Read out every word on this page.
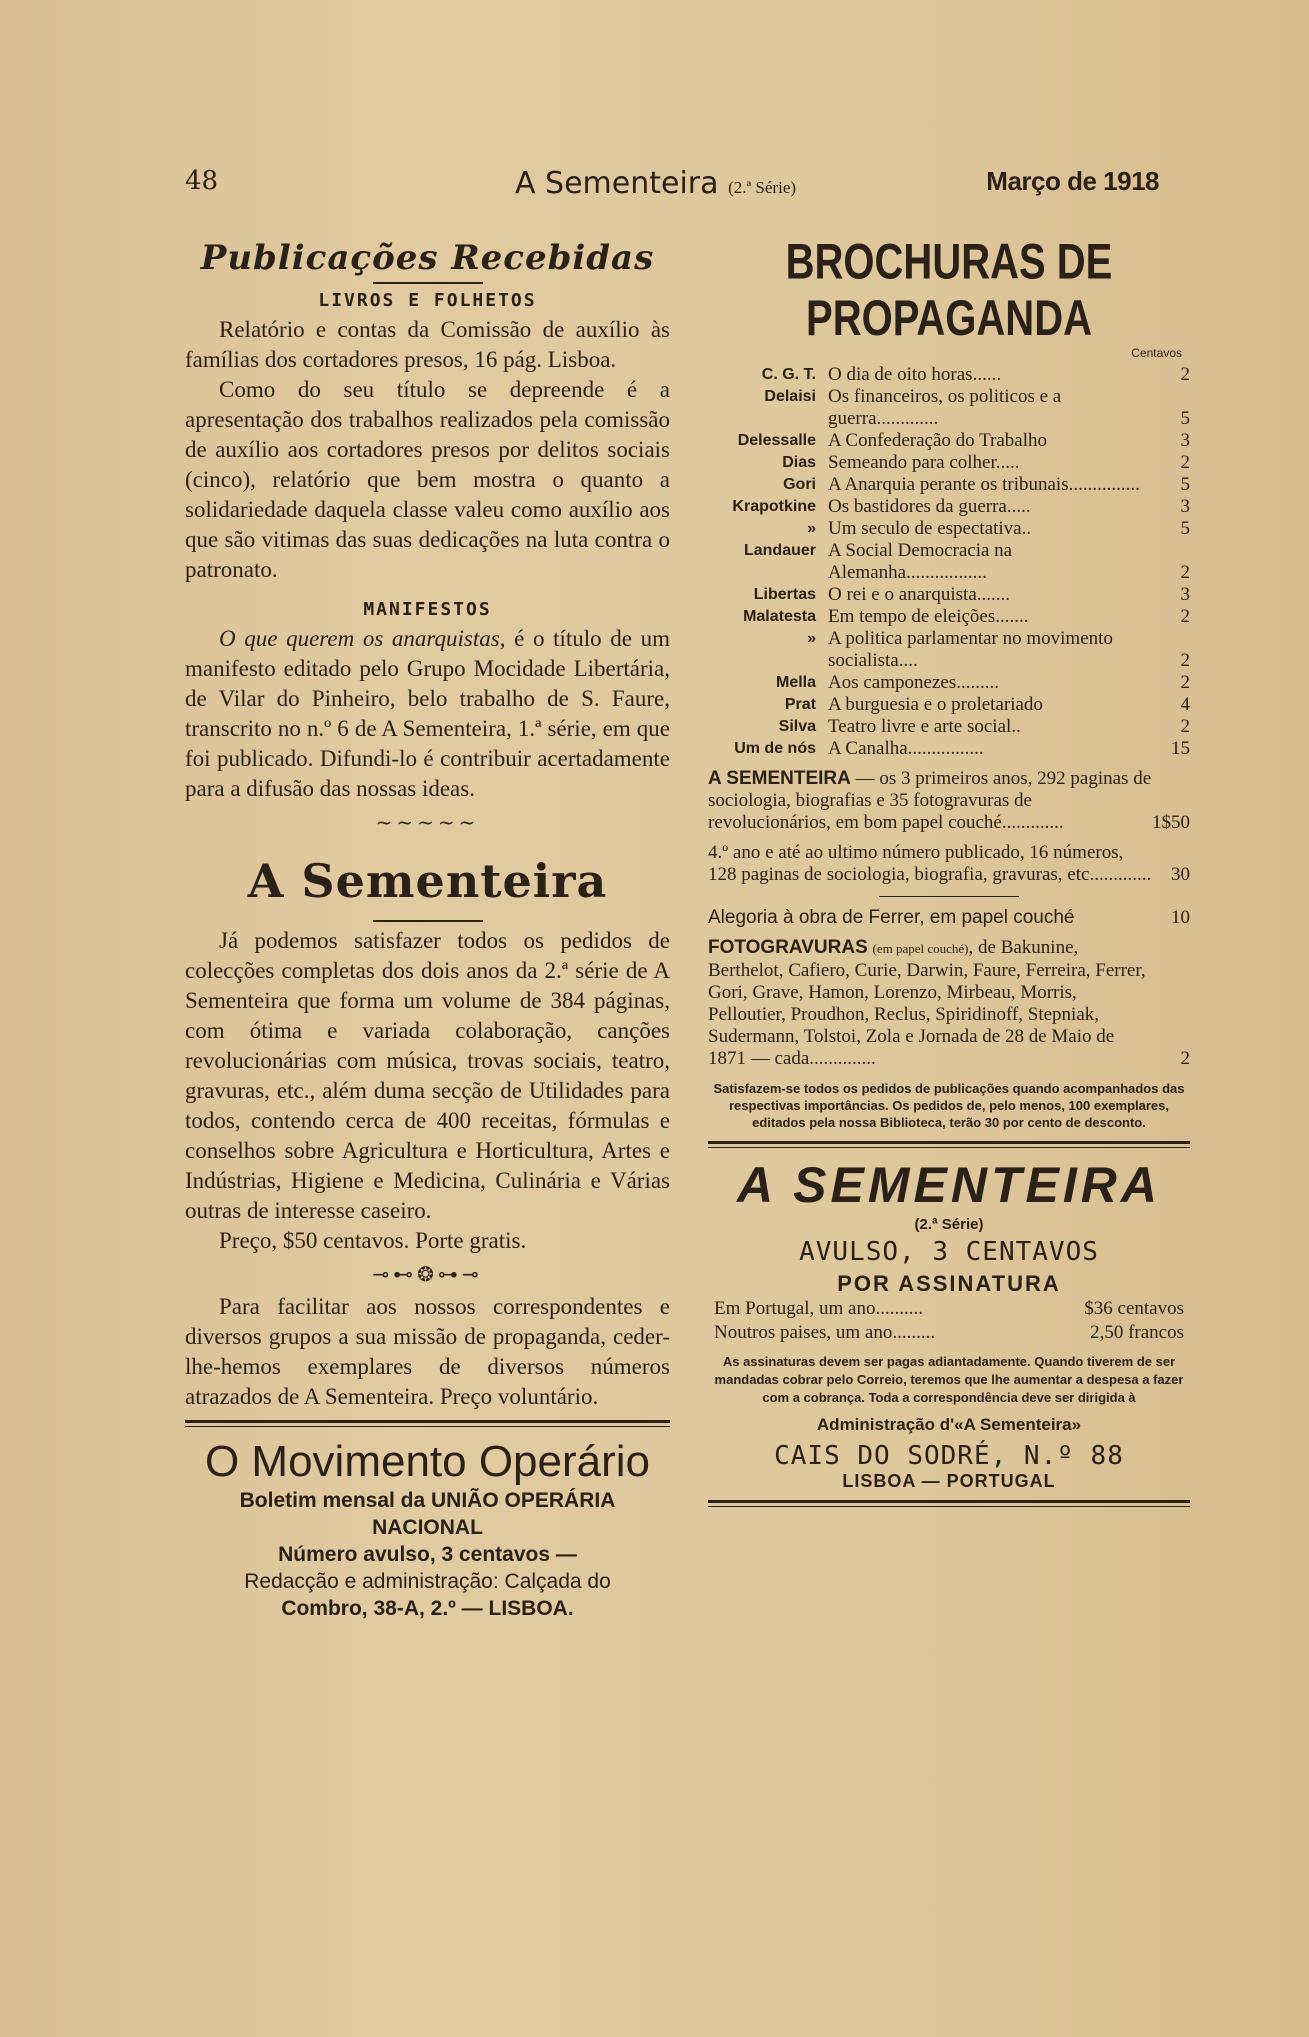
48	A Sementeira (2.ª Série)	Março de 1918
Publicações Recebidas
LIVROS E FOLHETOS

Relatório e contas da Comissão de auxílio às famílias dos cortadores presos, 16 pág. Lisboa.

Como do seu título se depreende é a apresentação dos trabalhos realizados pela comissão de auxílio aos cortadores presos por delitos sociais (cinco), relatório que bem mostra o quanto a solidariedade daquela classe valeu como auxílio aos que são vitimas das suas dedicações na luta contra o patronato.

MANIFESTOS

O que querem os anarquistas, é o título de um manifesto editado pelo Grupo Mocidade Libertária, de Vilar do Pinheiro, belo trabalho de S. Faure, transcrito no n.º 6 de A Sementeira, 1.ª série, em que foi publicado. Difundi-lo é contribuir acertadamente para a difusão das nossas ideas.

~~~~~
A Sementeira

Já podemos satisfazer todos os pedidos de colecções completas dos dois anos da 2.ª série de A Sementeira que forma um volume de 384 páginas, com ótima e variada colaboração, canções revolucionárias com música, trovas sociais, teatro, gravuras, etc., além duma secção de Utilidades para todos, contendo cerca de 400 receitas, fórmulas e conselhos sobre Agricultura e Horticultura, Artes e Indústrias, Higiene e Medicina, Culinária e Várias outras de interesse caseiro.

Preço, $50 centavos. Porte gratis.

⊸⊷❂⊶⊸

Para facilitar aos nossos correspondentes e diversos grupos a sua missão de propaganda, ceder-lhe-hemos exemplares de diversos números atrazados de A Sementeira. Preço voluntário.

O Movimento Operário
Boletim mensal da UNIÃO OPERÁRIA NACIONAL
Número avulso, 3 centavos —
Redacção e administração: Calçada do
Combro, 38-A, 2.º — LISBOA.
BROCHURAS DE PROPAGANDA
Centavos
C. G. T. O dia de oito horas......	2
Delaisi Os financeiros, os politicos e a guerra.............	5
Delessalle A Confederação do Trabalho	3
Dias Semeando para colher.....	2
Gori A Anarquia perante os tribunais...............	5
Krapotkine Os bastidores da guerra.....	3
» Um seculo de espectativa..	5
Landauer A Social Democracia na Alemanha.................	2
Libertas O rei e o anarquista.......	3
Malatesta Em tempo de eleições.......	2
» A politica parlamentar no movimento socialista....	2
Mella Aos camponezes.........	2
Prat A burguesia e o proletariado	4
Silva Teatro livre e arte social..	2
Um de nós A Canalha................	15
A SEMENTEIRA — os 3 primeiros anos, 292 paginas de sociologia, biografias e 35 fotogravuras de revolucionários, em bom papel couché.............	1$50
4.º ano e até ao ultimo número publicado, 16 números, 128 paginas de sociologia, biografia, gravuras, etc............. 30
Alegoria à obra de Ferrer, em papel couché	10
FOTOGRAVURAS (em papel couché), de Bakunine, Berthelot, Cafiero, Curie, Darwin, Faure, Ferreira, Ferrer, Gori, Grave, Hamon, Lorenzo, Mirbeau, Morris, Pelloutier, Proudhon, Reclus, Spiridinoff, Stepniak, Sudermann, Tolstoi, Zola e Jornada de 28 de Maio de 1871 — cada..............	2
Satisfazem-se todos os pedidos de publicações quando acompanhados das respectivas importâncias. Os pedidos de, pelo menos, 100 exemplares, editados pela nossa Biblioteca, terão 30 por cento de desconto.
A SEMENTEIRA
(2.ª Série)
AVULSO, 3 CENTAVOS
POR ASSINATURA
Em Portugal, um ano..........	$36 centavos
Noutros paises, um ano.........	2,50 francos
As assinaturas devem ser pagas adiantadamente. Quando tiverem de ser mandadas cobrar pelo Correio, teremos que lhe aumentar a despesa a fazer com a cobrança. Toda a correspondência deve ser dirigida à
Administração d'«A Sementeira»
CAIS DO SODRÉ, N.º 88
LISBOA — PORTUGAL
